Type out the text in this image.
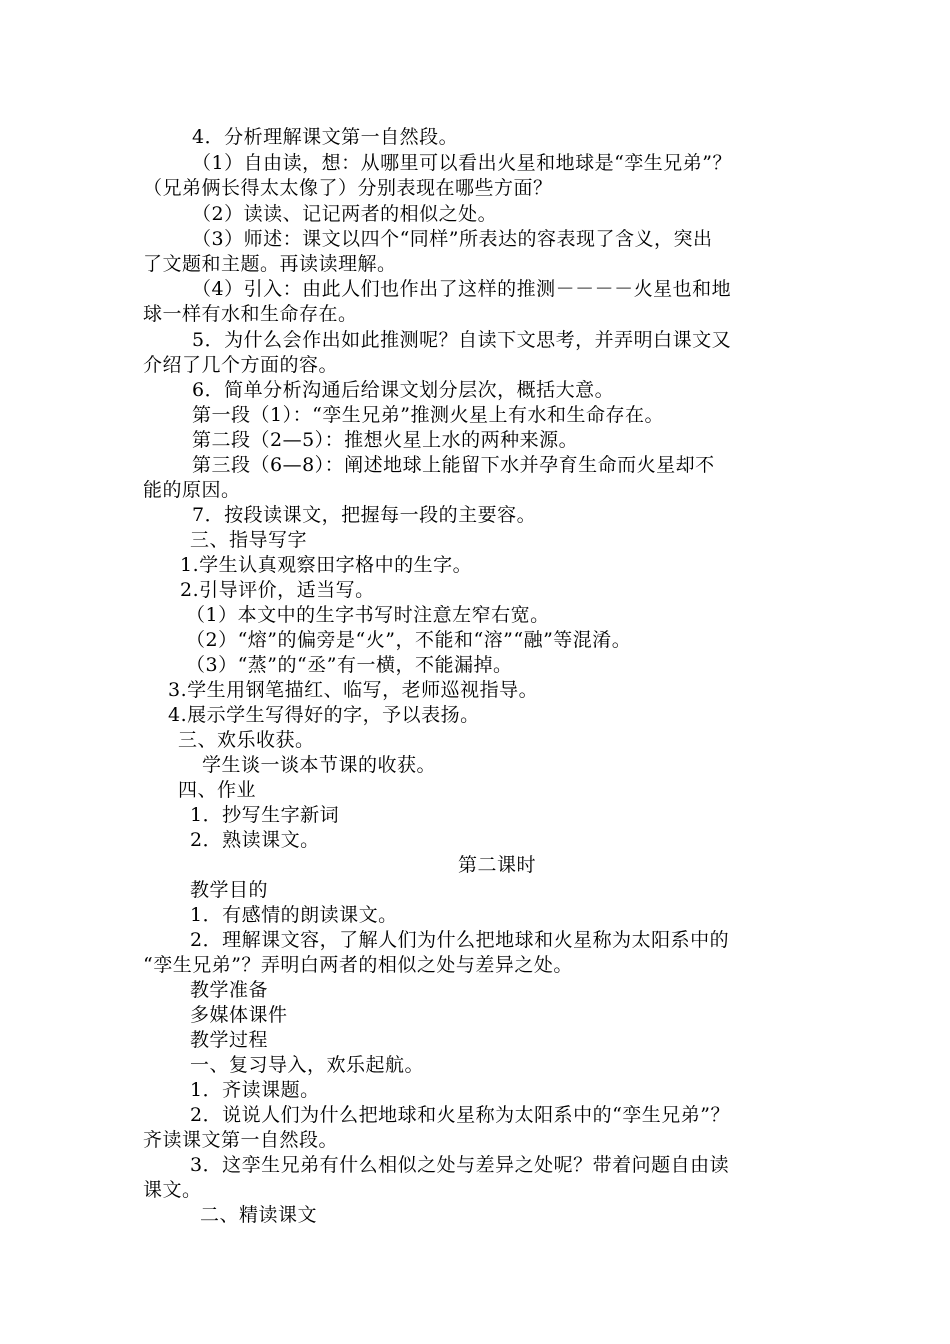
4．分析理解课文第一自然段。
（1）自由读，想：从哪里可以看出火星和地球是“孪生兄弟”？
（兄弟俩长得太太像了）分别表现在哪些方面？
（2）读读、记记两者的相似之处。
（3）师述：课文以四个“同样”所表达的容表现了含义，突出
了文题和主题。再读读理解。
（4）引入：由此人们也作出了这样的推测－－－－火星也和地
球一样有水和生命存在。
5．为什么会作出如此推测呢？自读下文思考，并弄明白课文又
介绍了几个方面的容。
6．简单分析沟通后给课文划分层次，概括大意。
第一段（1）：“孪生兄弟”推测火星上有水和生命存在。
第二段（2—5）：推想火星上水的两种来源。
第三段（6—8）：阐述地球上能留下水并孕育生命而火星却不
能的原因。
7．按段读课文，把握每一段的主要容。
三、指导写字
1.学生认真观察田字格中的生字。
2.引导评价，适当写。
（1）本文中的生字书写时注意左窄右宽。
（2）“熔”的偏旁是“火”，不能和“溶”“融”等混淆。
（3）“蒸”的“丞”有一横，不能漏掉。
3.学生用钢笔描红、临写，老师巡视指导。
4.展示学生写得好的字，予以表扬。
三、欢乐收获。
学生谈一谈本节课的收获。
四、作业
1．抄写生字新词
2．熟读课文。
第二课时
教学目的
1．有感情的朗读课文。
2．理解课文容，了解人们为什么把地球和火星称为太阳系中的
“孪生兄弟”？弄明白两者的相似之处与差异之处。
教学准备
多媒体课件
教学过程
一、复习导入，欢乐起航。
1．齐读课题。
2．说说人们为什么把地球和火星称为太阳系中的“孪生兄弟”？
齐读课文第一自然段。
3．这孪生兄弟有什么相似之处与差异之处呢？带着问题自由读
课文。
二、精读课文
